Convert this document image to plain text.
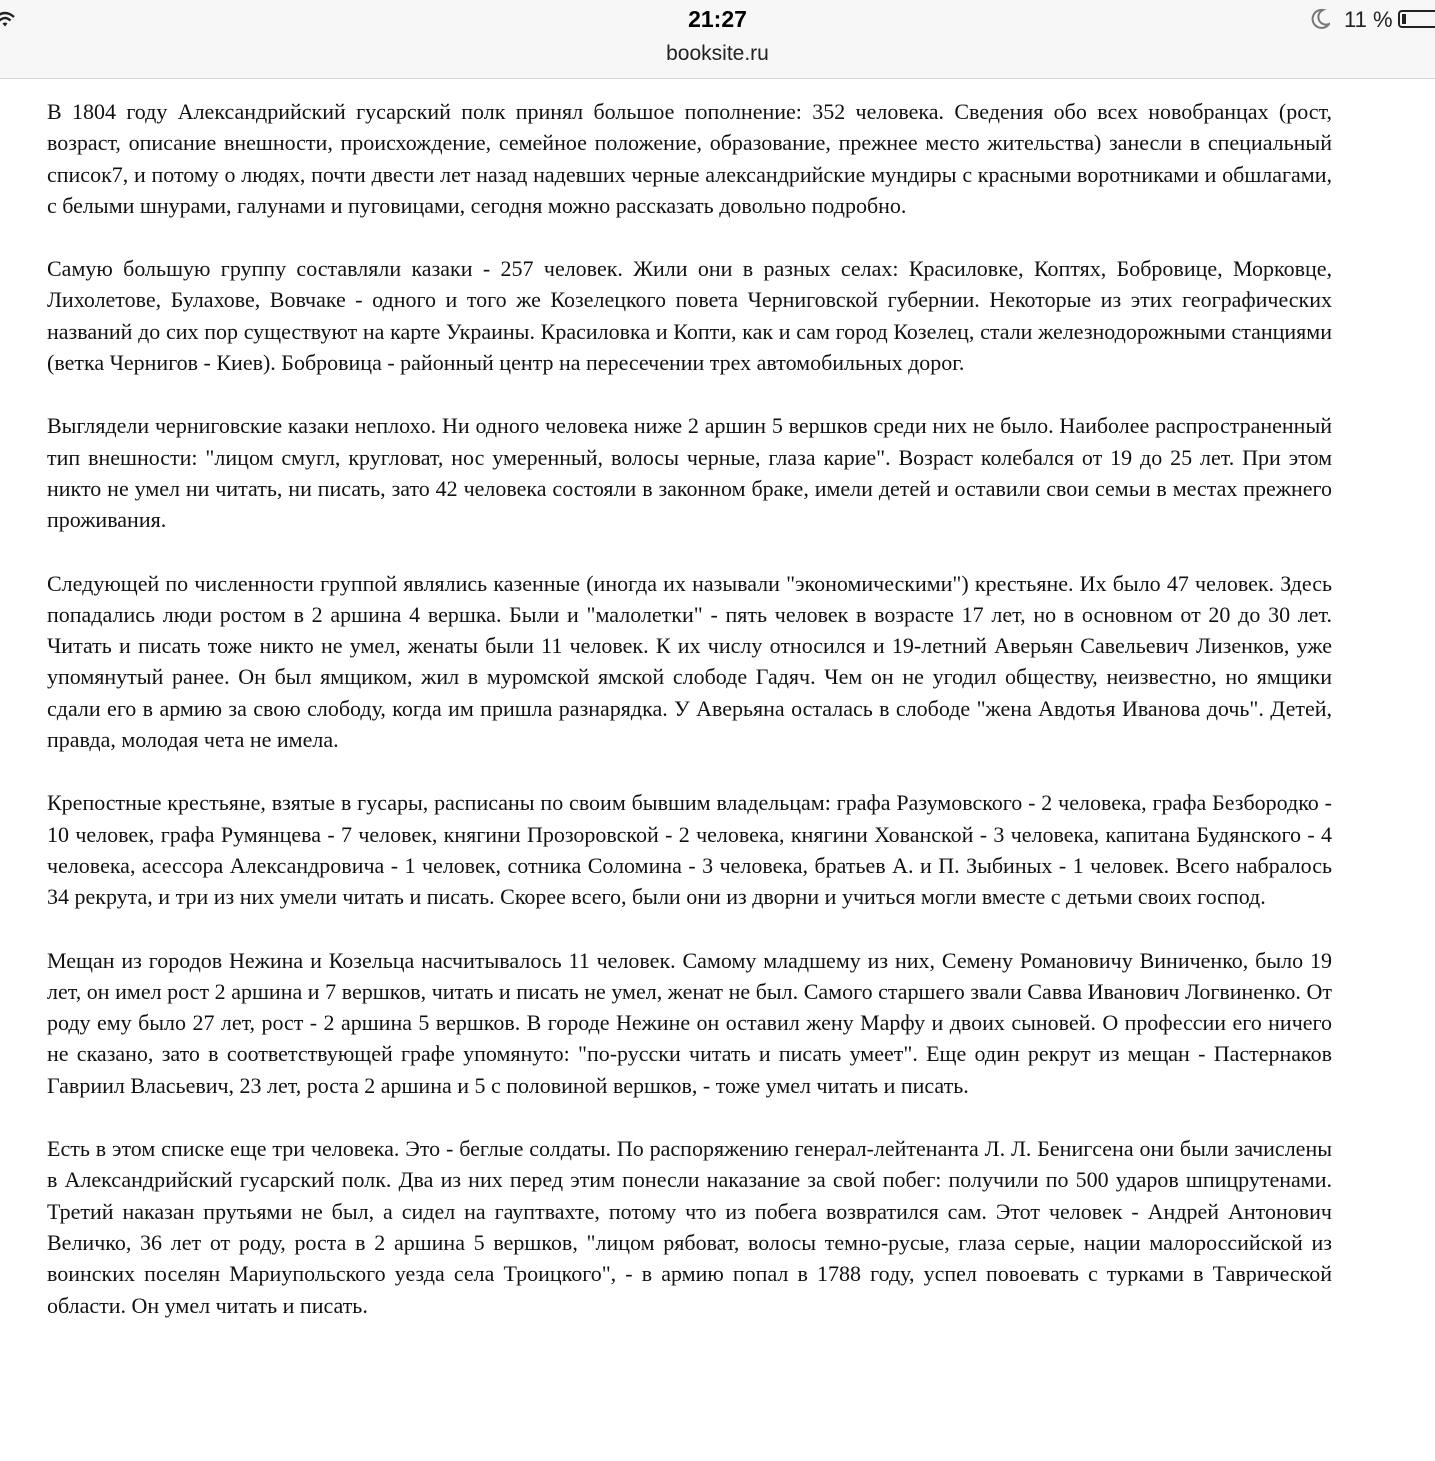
21:27
booksite.ru
11 %

В 1804 году Александрийский гусарский полк принял большое пополнение: 352 человека. Сведения обо всех новобранцах (рост, возраст, описание внешности, происхождение, семейное положение, образование, прежнее место жительства) занесли в специальный список7, и потому о людях, почти двести лет назад надевших черные александрийские мундиры с красными воротниками и обшлагами, с белыми шнурами, галунами и пуговицами, сегодня можно рассказать довольно подробно.

Самую большую группу составляли казаки - 257 человек. Жили они в разных селах: Красиловке, Коптях, Бобровице, Морковце, Лихолетове, Булахове, Вовчаке - одного и того же Козелецкого повета Черниговской губернии. Некоторые из этих географических названий до сих пор существуют на карте Украины. Красиловка и Копти, как и сам город Козелец, стали железнодорожными станциями (ветка Чернигов - Киев). Бобровица - районный центр на пересечении трех автомобильных дорог.

Выглядели черниговские казаки неплохо. Ни одного человека ниже 2 аршин 5 вершков среди них не было. Наиболее распространенный тип внешности: "лицом смугл, кругловат, нос умеренный, волосы черные, глаза карие". Возраст колебался от 19 до 25 лет. При этом никто не умел ни читать, ни писать, зато 42 человека состояли в законном браке, имели детей и оставили свои семьи в местах прежнего проживания.

Следующей по численности группой являлись казенные (иногда их называли "экономическими") крестьяне. Их было 47 человек. Здесь попадались люди ростом в 2 аршина 4 вершка. Были и "малолетки" - пять человек в возрасте 17 лет, но в основном от 20 до 30 лет. Читать и писать тоже никто не умел, женаты были 11 человек. К их числу относился и 19-летний Аверьян Савельевич Лизенков, уже упомянутый ранее. Он был ямщиком, жил в муромской ямской слободе Гадяч. Чем он не угодил обществу, неизвестно, но ямщики сдали его в армию за свою слободу, когда им пришла разнарядка. У Аверьяна осталась в слободе "жена Авдотья Иванова дочь". Детей, правда, молодая чета не имела.

Крепостные крестьяне, взятые в гусары, расписаны по своим бывшим владельцам: графа Разумовского - 2 человека, графа Безбородко - 10 человек, графа Румянцева - 7 человек, княгини Прозоровской - 2 человека, княгини Хованской - 3 человека, капитана Будянского - 4 человека, асессора Александровича - 1 человек, сотника Соломина - 3 человека, братьев А. и П. Зыбиных - 1 человек. Всего набралось 34 рекрута, и три из них умели читать и писать. Скорее всего, были они из дворни и учиться могли вместе с детьми своих господ.

Мещан из городов Нежина и Козельца насчитывалось 11 человек. Самому младшему из них, Семену Романовичу Виниченко, было 19 лет, он имел рост 2 аршина и 7 вершков, читать и писать не умел, женат не был. Самого старшего звали Савва Иванович Логвиненко. От роду ему было 27 лет, рост - 2 аршина 5 вершков. В городе Нежине он оставил жену Марфу и двоих сыновей. О профессии его ничего не сказано, зато в соответствующей графе упомянуто: "по-русски читать и писать умеет". Еще один рекрут из мещан - Пастернаков Гавриил Власьевич, 23 лет, роста 2 аршина и 5 с половиной вершков, - тоже умел читать и писать.

Есть в этом списке еще три человека. Это - беглые солдаты. По распоряжению генерал-лейтенанта Л. Л. Бенигсена они были зачислены в Александрийский гусарский полк. Два из них перед этим понесли наказание за свой побег: получили по 500 ударов шпицрутенами. Третий наказан прутьями не был, а сидел на гауптвахте, потому что из побега возвратился сам. Этот человек - Андрей Антонович Величко, 36 лет от роду, роста в 2 аршина 5 вершков, "лицом рябоват, волосы темно-русые, глаза серые, нации малороссийской из воинских поселян Мариупольского уезда села Троицкого", - в армию попал в 1788 году, успел повоевать с турками в Таврической области. Он умел читать и писать.
